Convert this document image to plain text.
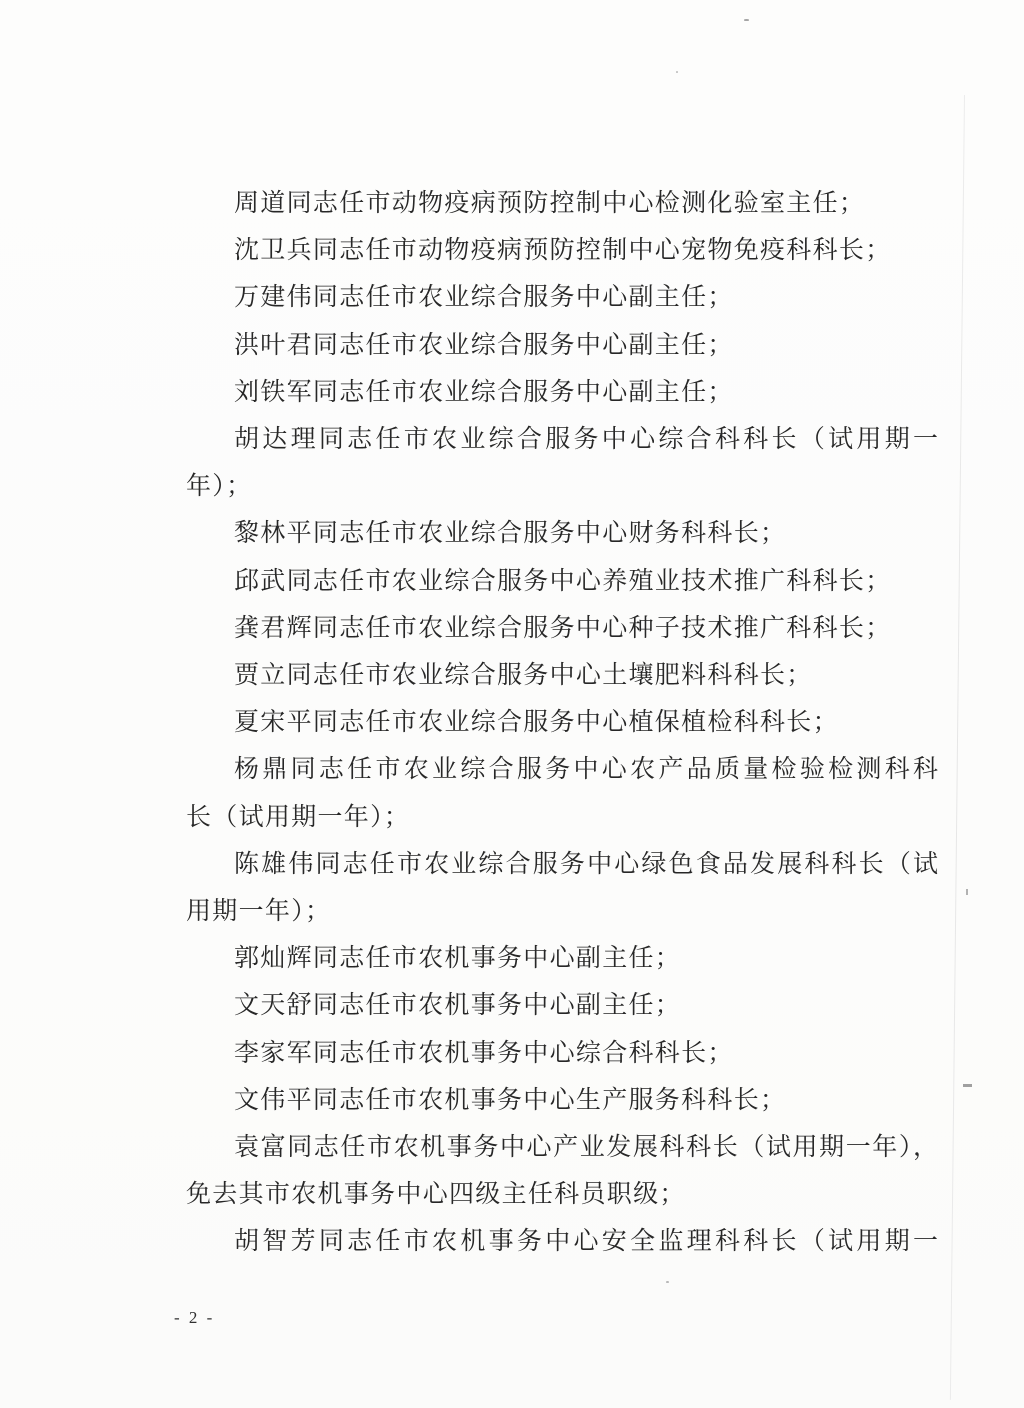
周道同志任市动物疫病预防控制中心检测化验室主任；

沈卫兵同志任市动物疫病预防控制中心宠物免疫科科长；

万建伟同志任市农业综合服务中心副主任；

洪叶君同志任市农业综合服务中心副主任；

刘铁军同志任市农业综合服务中心副主任；

胡达理同志任市农业综合服务中心综合科科长（试用期一

年）；

黎林平同志任市农业综合服务中心财务科科长；

邱武同志任市农业综合服务中心养殖业技术推广科科长；

龚君辉同志任市农业综合服务中心种子技术推广科科长；

贾立同志任市农业综合服务中心土壤肥料科科长；

夏宋平同志任市农业综合服务中心植保植检科科长；

杨鼎同志任市农业综合服务中心农产品质量检验检测科科

长（试用期一年）；

陈雄伟同志任市农业综合服务中心绿色食品发展科科长（试

用期一年）；

郭灿辉同志任市农机事务中心副主任；

文天舒同志任市农机事务中心副主任；

李家军同志任市农机事务中心综合科科长；

文伟平同志任市农机事务中心生产服务科科长；

袁富同志任市农机事务中心产业发展科科长（试用期一年），

免去其市农机事务中心四级主任科员职级；

胡智芳同志任市农机事务中心安全监理科科长（试用期一

- 2 -
